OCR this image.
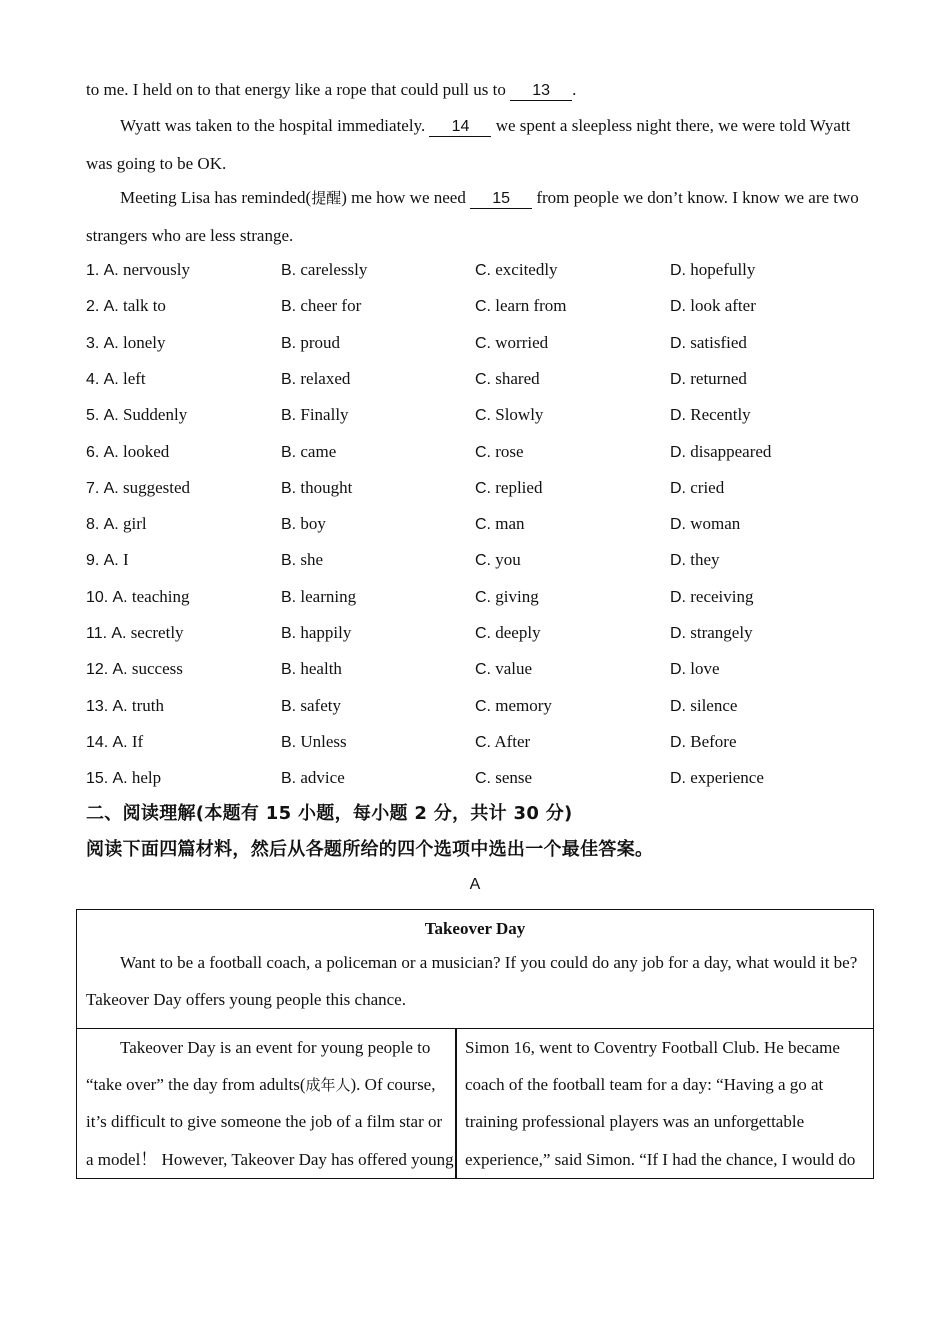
to me. I held on to that energy like a rope that could pull us to 13 .
Wyatt was taken to the hospital immediately. 14 we spent a sleepless night there, we were told Wyatt
was going to be OK.
Meeting Lisa has reminded(提醒) me how we need 15 from people we don’t know. I know we are two
strangers who are less strange.
1. A. nervously	B. carelessly	C. excitedly	D. hopefully
2. A. talk to	B. cheer for	C. learn from	D. look after
3. A. lonely	B. proud	C. worried	D. satisfied
4. A. left	B. relaxed	C. shared	D. returned
5. A. Suddenly	B. Finally	C. Slowly	D. Recently
6. A. looked	B. came	C. rose	D. disappeared
7. A. suggested	B. thought	C. replied	D. cried
8. A. girl	B. boy	C. man	D. woman
9. A. I	B. she	C. you	D. they
10. A. teaching	B. learning	C. giving	D. receiving
11. A. secretly	B. happily	C. deeply	D. strangely
12. A. success	B. health	C. value	D. love
13. A. truth	B. safety	C. memory	D. silence
14. A. If	B. Unless	C. After	D. Before
15. A. help	B. advice	C. sense	D. experience
二、阅读理解(本题有 15 小题，每小题 2 分，共计 30 分)
阅读下面四篇材料，然后从各题所给的四个选项中选出一个最佳答案。
A
Takeover Day
Want to be a football coach, a policeman or a musician? If you could do any job for a day, what would it be?
Takeover Day offers young people this chance.
Takeover Day is an event for young people to
“take over” the day from adults(成年人). Of course,
it’s difficult to give someone the job of a film star or
a model！ However, Takeover Day has offered young
Simon 16, went to Coventry Football Club. He became
coach of the football team for a day: “Having a go at
training professional players was an unforgettable
experience,” said Simon. “If I had the chance, I would do
